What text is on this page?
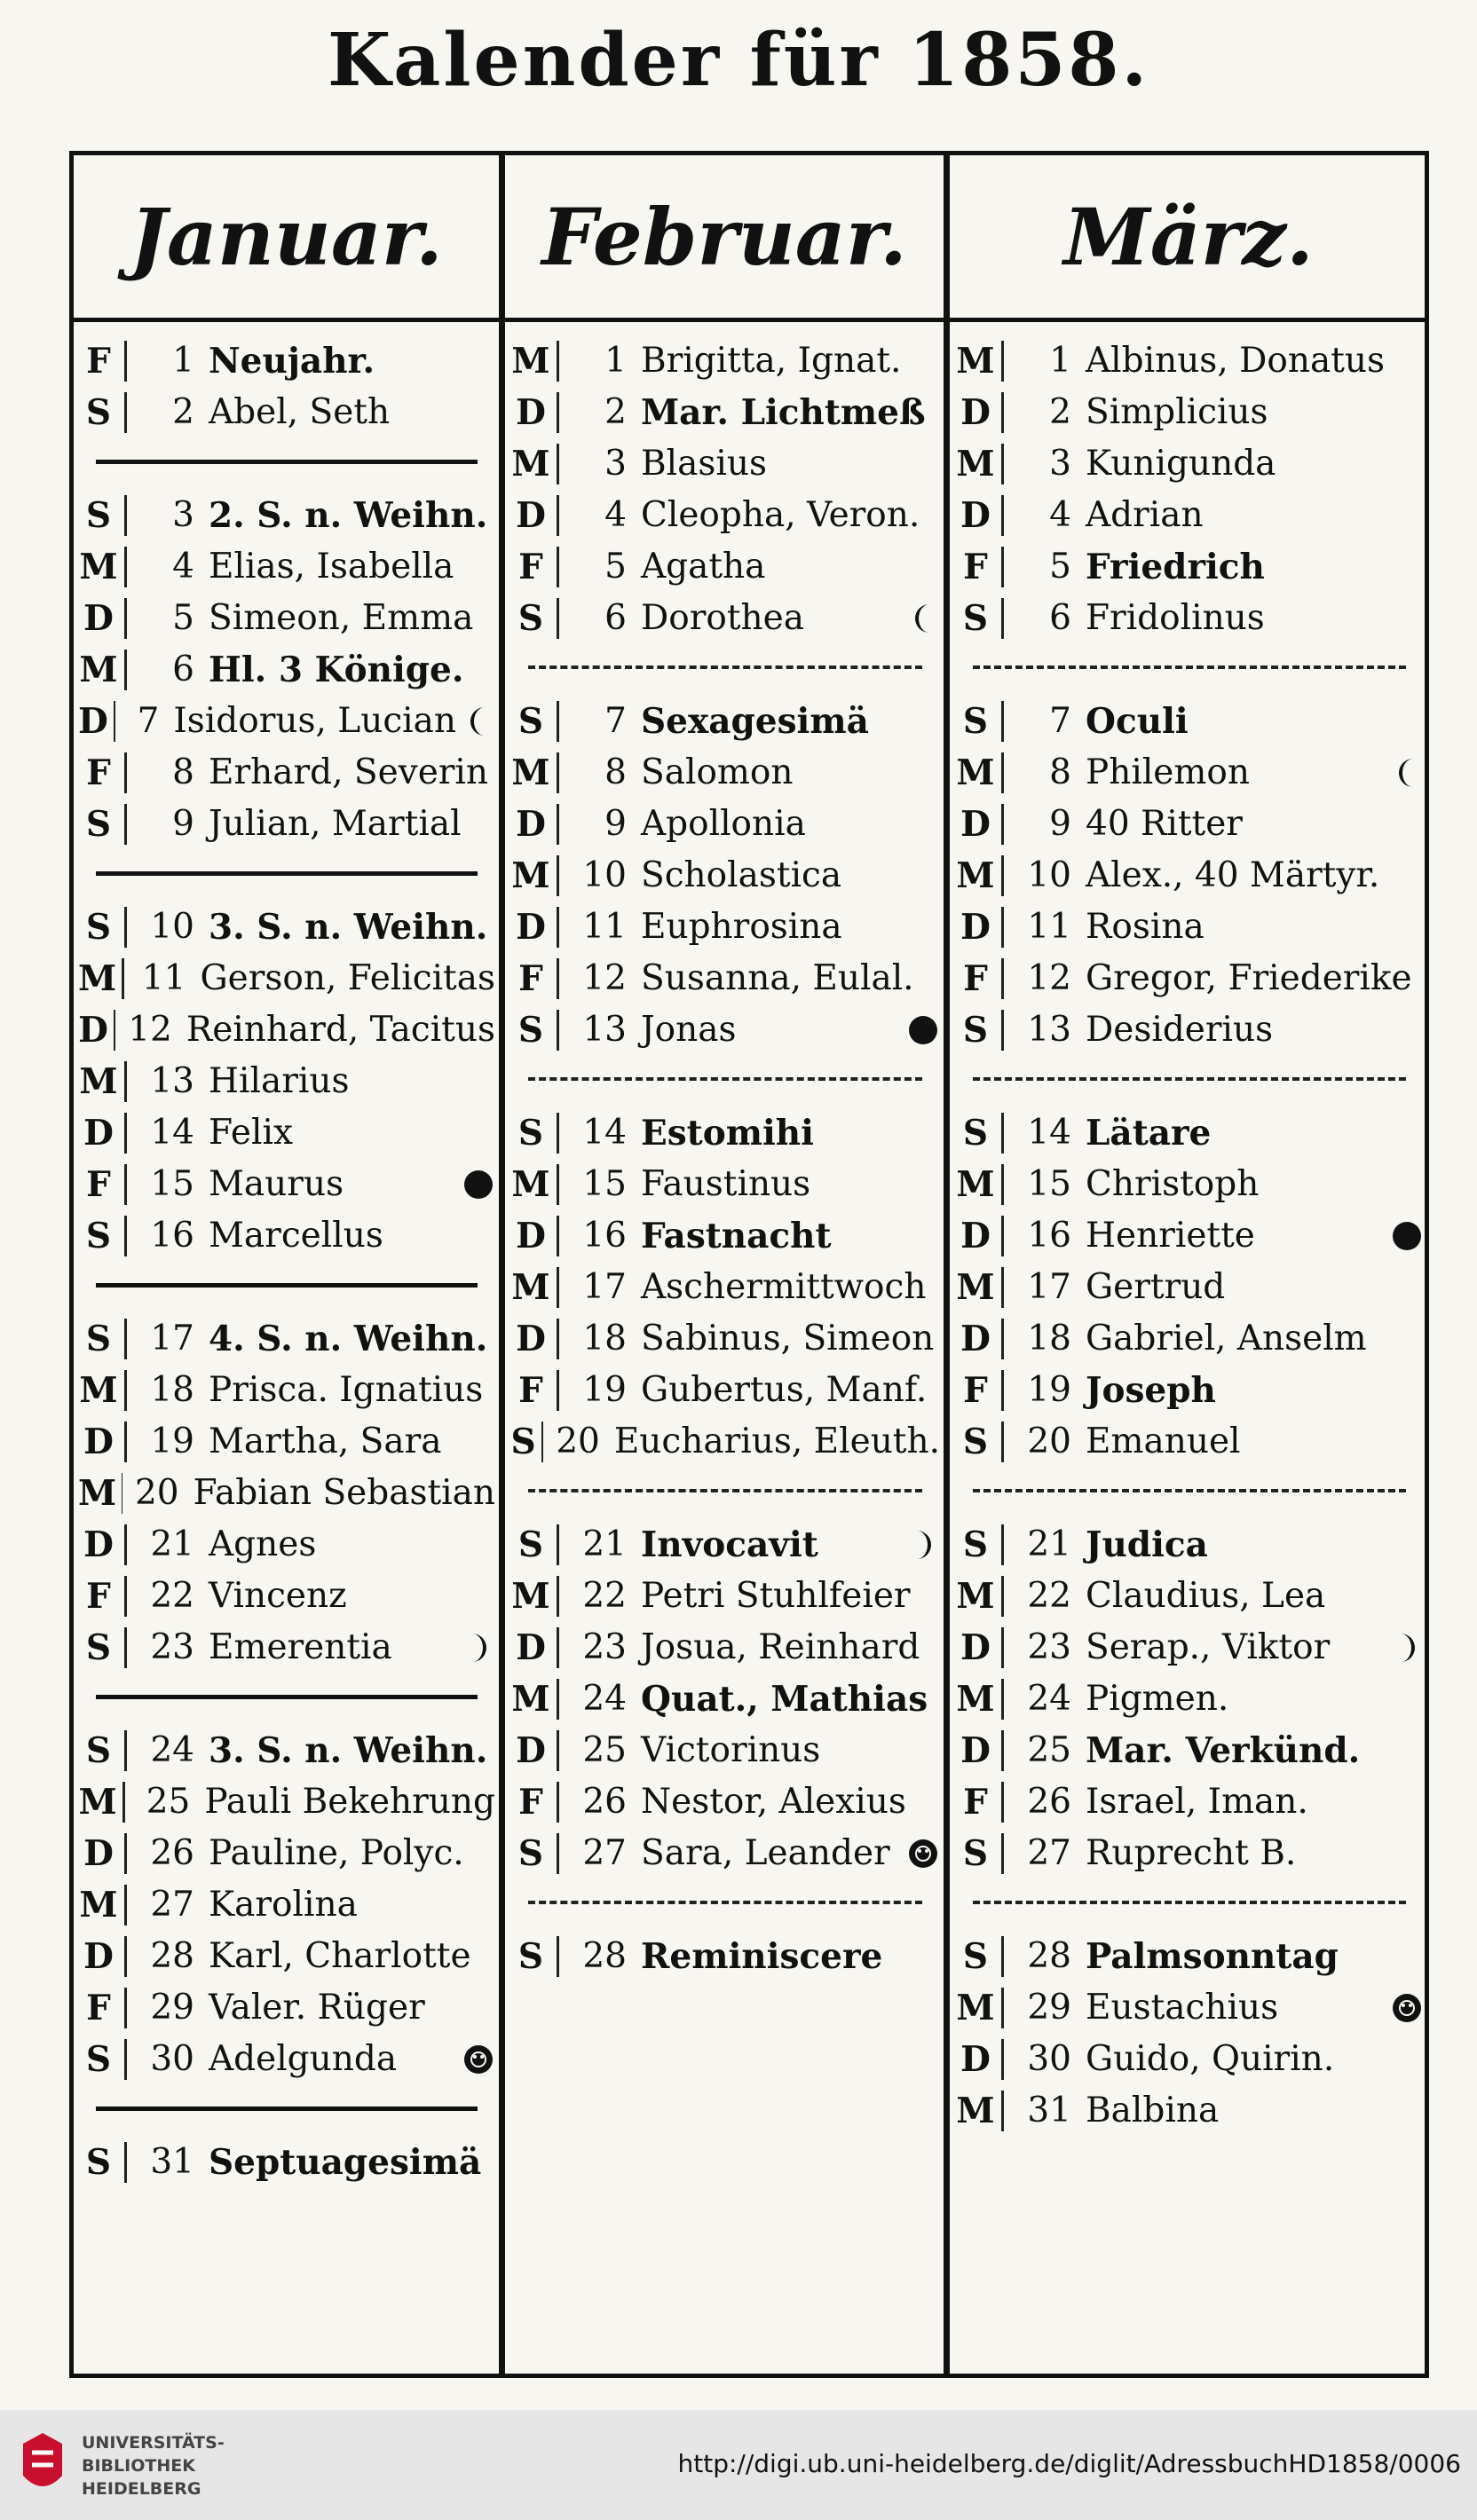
Kalender für 1858.
Januar.	Februar.	März.
F	1 Neujahr.
S	2 Abel, Seth
S	3 2. S. n. Weihn.
M	4 Elias, Isabella
D	5 Simeon, Emma
M	6 Hl. 3 Könige.
D 7 Isidorus, Lucian
F	8 Erhard, Severin
S	9 Julian, Martial
S	10 3. S. n. Weihn.
M 11 Gerson, Felicitas
D 12 Reinhard, Tacitus
M 13 Hilarius
D	14 Felix
F	15 Maurus
S	16 Marcellus
S	17 4. S. n. Weihn.
M 18 Prisca. Ignatius
D	19 Martha, Sara
M 20 Fabian Sebastian
D	21 Agnes
F	22 Vincenz
S	23 Emerentia
S	24 3. S. n. Weihn.
M 25 Pauli Bekehrung
D	26 Pauline, Polyc.
M 27 Karolina
D	28 Karl, Charlotte
F	29 Valer. Rüger
S	30 Adelgunda
S	31 Septuagesimä
M	1 Brigitta, Ignat.
D	2 Mar. Lichtmeß
M	3 Blasius
D	4 Cleopha, Veron.
F	5 Agatha
S	6 Dorothea
S	7 Sexagesimä
M	8 Salomon
D	9 Apollonia
M 10 Scholastica
D	11 Euphrosina
F	12 Susanna, Eulal.
S	13 Jonas
S	14 Estomihi
M 15 Faustinus
D	16 Fastnacht
M 17 Aschermittwoch
D	18 Sabinus, Simeon
F	19 Gubertus, Manf.
S 20 Eucharius, Eleuth.
S	21 Invocavit
M 22 Petri Stuhlfeier
D	23 Josua, Reinhard
M 24 Quat., Mathias
D	25 Victorinus
F	26 Nestor, Alexius
S	27 Sara, Leander
S	28 Reminiscere
M	1 Albinus, Donatus
D	2 Simplicius
M	3 Kunigunda
D	4 Adrian
F	5 Friedrich
S	6 Fridolinus
S	7 Oculi
M	8 Philemon
D	9 40 Ritter
M 10 Alex., 40 Märtyr.
D	11 Rosina
F	12 Gregor, Friederike
S	13 Desiderius
S	14 Lätare
M 15 Christoph
D	16 Henriette
M 17 Gertrud
D	18 Gabriel, Anselm
F	19 Joseph
S	20 Emanuel
S	21 Judica
M 22 Claudius, Lea
D	23 Serap., Viktor
M 24 Pigmen.
D	25 Mar. Verkünd.
F	26 Israel, Iman.
S	27 Ruprecht B.
S	28 Palmsonntag
M 29 Eustachius
D	30 Guido, Quirin.
M 31 Balbina
UNIVERSITÄTS-
BIBLIOTHEK
HEIDELBERG
http://digi.ub.uni-heidelberg.de/diglit/AdressbuchHD1858/0006
